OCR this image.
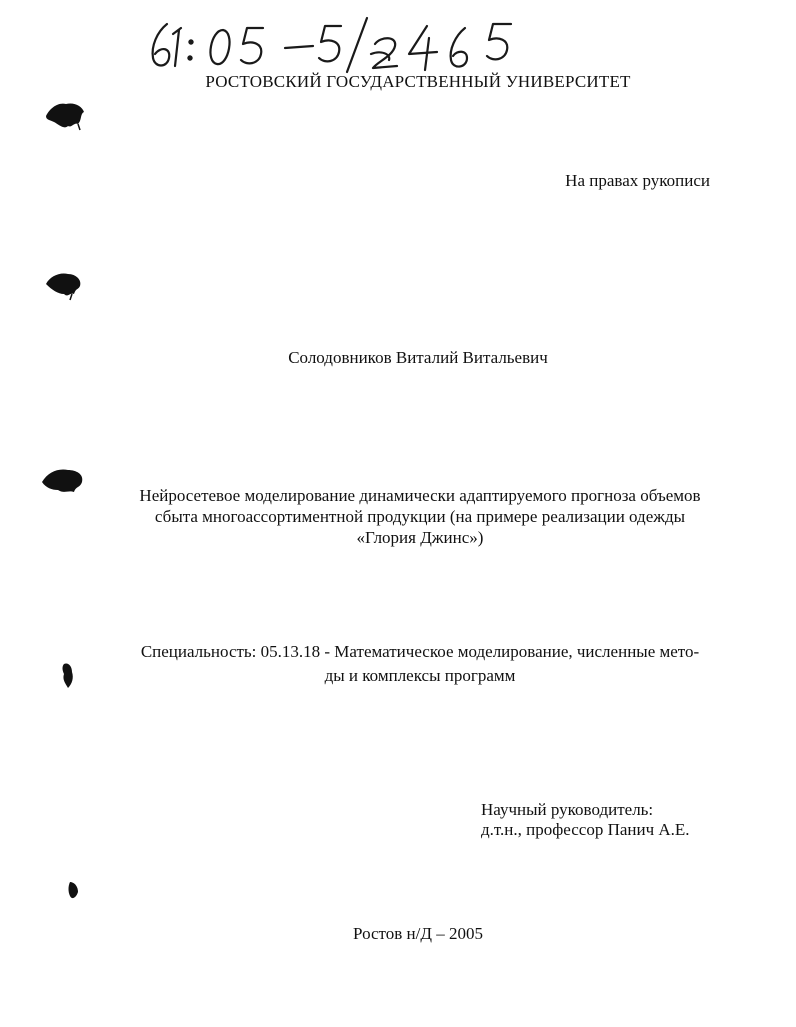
РОСТОВСКИЙ ГОСУДАРСТВЕННЫЙ УНИВЕРСИТЕТ
На правах рукописи
Солодовников Виталий Витальевич
Нейросетевое моделирование динамически адаптируемого прогноза объемов
сбыта многоассортиментной продукции (на примере реализации одежды
«Глория Джинс»)
Специальность: 05.13.18 - Математическое моделирование, численные мето-
ды и комплексы программ
Научный руководитель:
д.т.н., профессор Панич А.Е.
Ростов н/Д – 2005
